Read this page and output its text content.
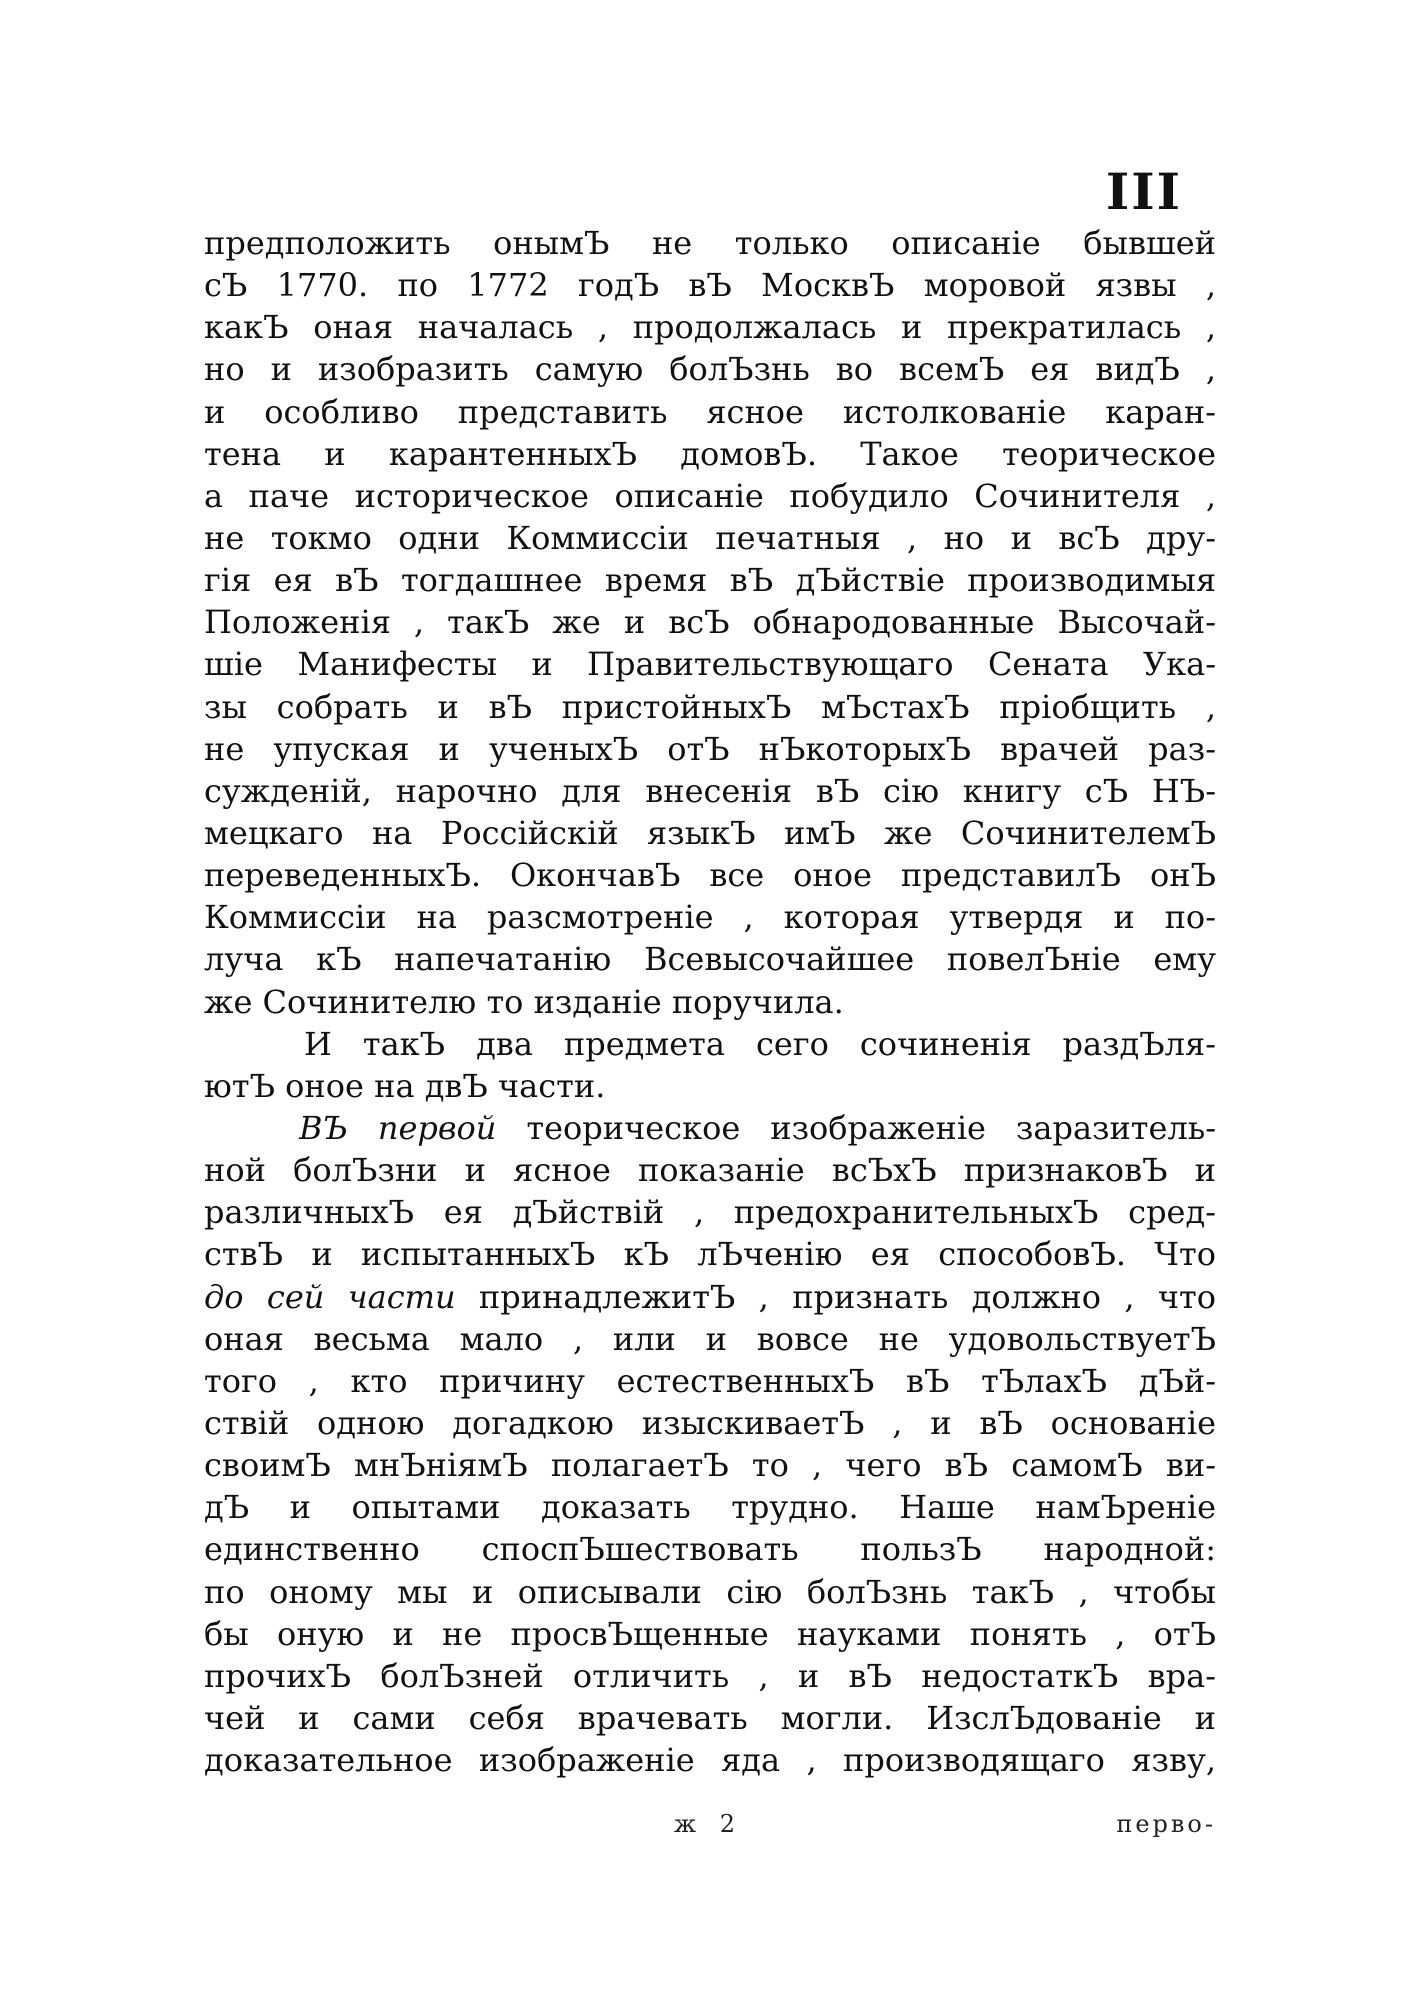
III
предположить онымЪ не только описанie бывшей
сЪ 1770. по 1772 годЪ вЪ МосквЪ моровой язвы ,
какЪ оная началась , продолжалась и прекратилась ,
но и изобразить самую болЪзнь во всемЪ ея видЪ ,
и особливо представить ясное истолкованie каран-
тена и карантенныхЪ домовЪ. Такое теорическое
а паче историческое описанie побудило Сочинителя ,
не токмо одни Коммиссiи печатныя , но и всЪ дру-
гiя ея вЪ тогдашнее время вЪ дЪйствiе производимыя
Положенiя , такЪ же и всЪ обнародованные Высочай-
шiе Манифесты и Правительствующаго Сената Ука-
зы собрать и вЪ пристойныхЪ мЪстахЪ прiобщить ,
не упуская и ученыхЪ отЪ нЪкоторыхЪ врачей раз-
сужденiй, нарочно для внесенiя вЪ сiю книгу сЪ НЪ-
мецкаго на Россiйскiй языкЪ имЪ же СочинителемЪ
переведенныхЪ. ОкончавЪ все оное представилЪ онЪ
Коммиссiи на разсмотренiе , которая утвердя и по-
луча кЪ напечатанiю Всевысочайшее повелЪнiе ему
же Сочинителю то изданie поручила.
И такЪ два предмета сего сочиненiя раздЪля-
ютЪ оное на двЪ части.
ВЪ первой теорическое изображенie заразитель-
ной болЪзни и ясное показанie всЪхЪ признаковЪ и
различныхЪ ея дЪйствiй , предохранительныхЪ сред-
ствЪ и испытанныхЪ кЪ лЪченiю ея способовЪ. Что
до сей части принадлежитЪ , признать должно , что
оная весьма мало , или и вовсе не удовольствуетЪ
того , кто причину естественныхЪ вЪ тЪлахЪ дЪй-
ствiй одною догадкою изыскиваетЪ , и вЪ основанie
своимЪ мнЪнiямЪ полагаетЪ то , чего вЪ самомЪ ви-
дЪ и опытами доказать трудно. Наше намЪренie
единственно споспЪшествовать пользЪ народной:
по оному мы и описывали сiю болЪзнь такЪ , чтобы
бы оную и не просвЪщенные науками понять , отЪ
прочихЪ болЪзней отличить , и вЪ недостаткЪ вра-
чей и сами себя врачевать могли. ИзслЪдованie и
доказательное изображенie яда , производящаго язву,
ж 2	перво-
